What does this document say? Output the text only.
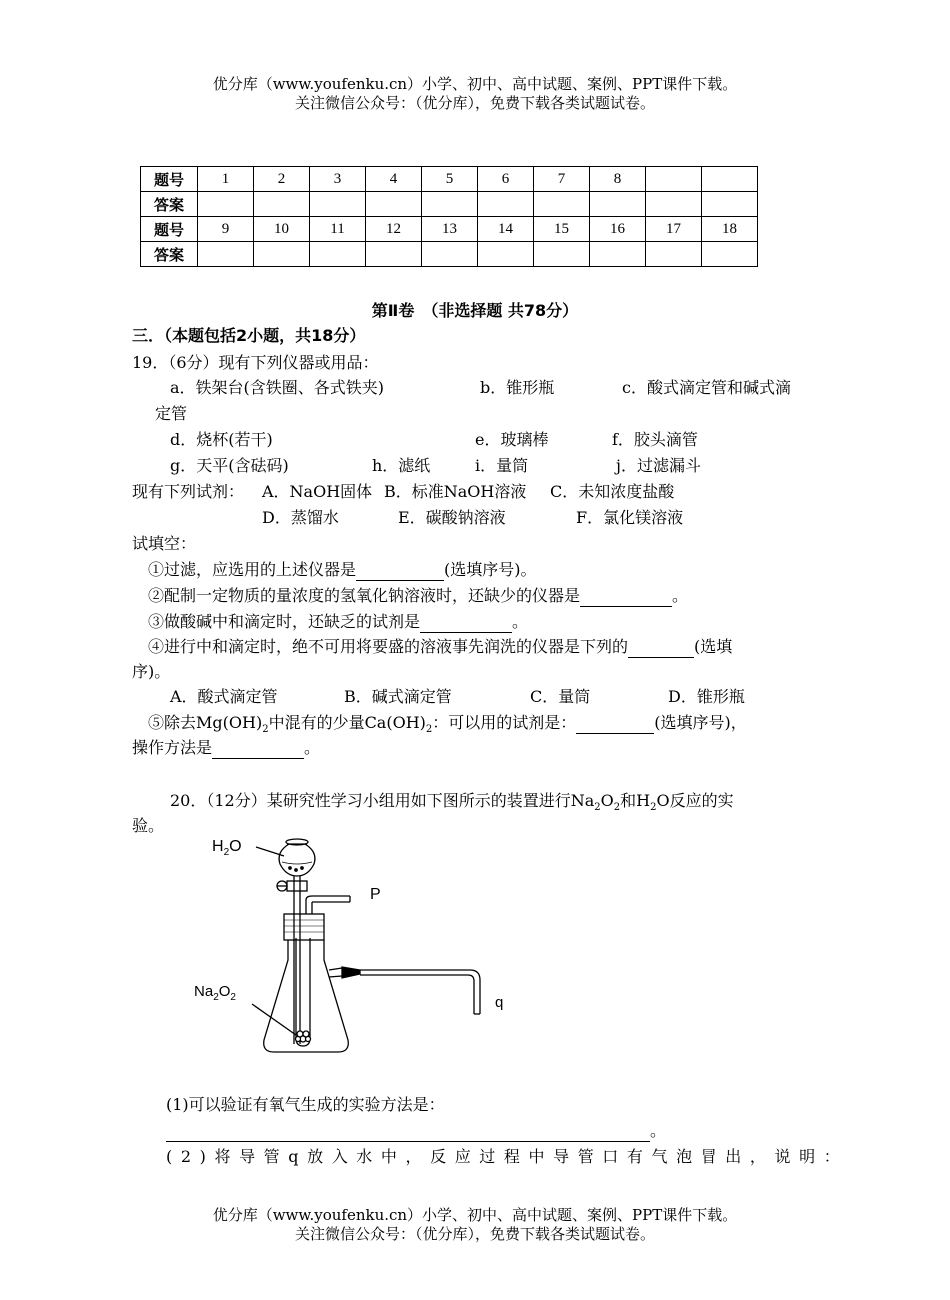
优分库（www.youfenku.cn）小学、初中、高中试题、案例、PPT课件下载。
关注微信公众号：（优分库），免费下载各类试题试卷。
题号	1	2	3	4	5	6	7	8		
答案										
题号	9	10	11	12	13	14	15	16	17	18
答案										
第Ⅱ卷　（非选择题 共78分）
三．（本题包括2小题，共18分）
19．（6分）现有下列仪器或用品：
a．铁架台(含铁圈、各式铁夹)	b．锥形瓶	c．酸式滴定管和碱式滴
定管
d．烧杯(若干)	e．玻璃棒	f．胶头滴管
g．天平(含砝码)	h．滤纸	i．量筒	j．过滤漏斗
现有下列试剂： A．NaOH固体 B．标准NaOH溶液 C．未知浓度盐酸
D．蒸馏水	E．碳酸钠溶液	F．氯化镁溶液
试填空：
①过滤，应选用的上述仪器是	(选填序号)。
②配制一定物质的量浓度的氢氧化钠溶液时，还缺少的仪器是	。
③做酸碱中和滴定时，还缺乏的试剂是	。
④进行中和滴定时，绝不可用将要盛的溶液事先润洗的仪器是下列的	(选填
序)。
A．酸式滴定管	B．碱式滴定管	C．量筒	D．锥形瓶
⑤除去$Mg(OH)_2$中混有的少量$Ca(OH)_2$：可以用的试剂是：	(选填序号)，
操作方法是	。
20．（12分）某研究性学习小组用如下图所示的装置进行$Na_2O_2$和$H_2O$反应的实
验。
$H_2O$
P
$Na_2O_2$	q
(1)可以验证有氧气生成的实验方法是：
。
(2)将导管q放入水中，反应过程中导管口有气泡冒出，说明：
优分库（www.youfenku.cn）小学、初中、高中试题、案例、PPT课件下载。
关注微信公众号：（优分库），免费下载各类试题试卷。
